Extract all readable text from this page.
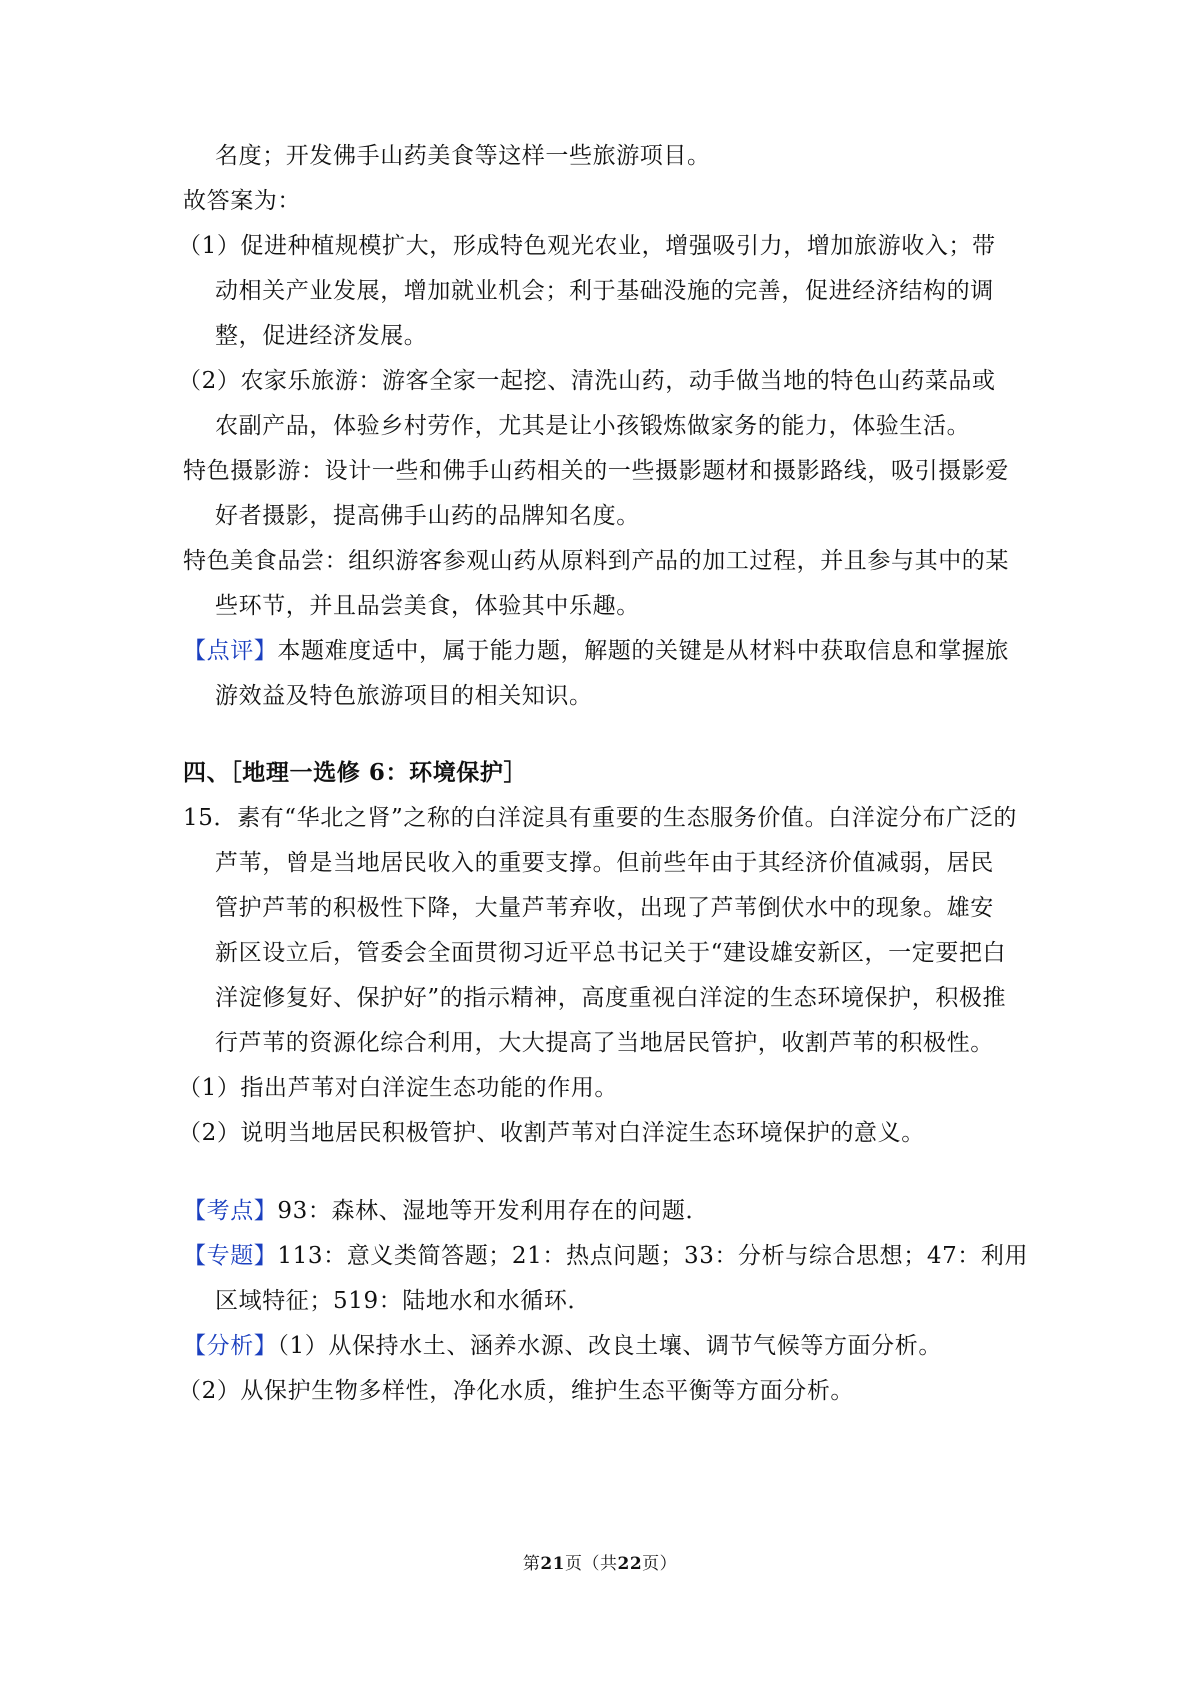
名度；开发佛手山药美食等这样一些旅游项目。
故答案为：
（1）促进种植规模扩大，形成特色观光农业，增强吸引力，增加旅游收入；带
动相关产业发展，增加就业机会；利于基础没施的完善，促进经济结构的调
整，促进经济发展。
（2）农家乐旅游：游客全家一起挖、清洗山药，动手做当地的特色山药菜品或
农副产品，体验乡村劳作，尤其是让小孩锻炼做家务的能力，体验生活。
特色摄影游：设计一些和佛手山药相关的一些摄影题材和摄影路线，吸引摄影爱
好者摄影，提高佛手山药的品牌知名度。
特色美食品尝：组织游客参观山药从原料到产品的加工过程，并且参与其中的某
些环节，并且品尝美食，体验其中乐趣。
【点评】本题难度适中，属于能力题，解题的关键是从材料中获取信息和掌握旅
游效益及特色旅游项目的相关知识。
四、［地理一选修 6：环境保护］
15．素有“华北之肾”之称的白洋淀具有重要的生态服务价值。白洋淀分布广泛的
芦苇，曾是当地居民收入的重要支撑。但前些年由于其经济价值减弱，居民
管护芦苇的积极性下降，大量芦苇弃收，出现了芦苇倒伏水中的现象。雄安
新区设立后，管委会全面贯彻习近平总书记关于“建设雄安新区，一定要把白
洋淀修复好、保护好”的指示精神，高度重视白洋淀的生态环境保护，积极推
行芦苇的资源化综合利用，大大提高了当地居民管护，收割芦苇的积极性。
（1）指出芦苇对白洋淀生态功能的作用。
（2）说明当地居民积极管护、收割芦苇对白洋淀生态环境保护的意义。
【考点】93：森林、湿地等开发利用存在的问题．
【专题】113：意义类简答题；21：热点问题；33：分析与综合思想；47：利用
区域特征；519：陆地水和水循环．
【分析】（1）从保持水土、涵养水源、改良土壤、调节气候等方面分析。
（2）从保护生物多样性，净化水质，维护生态平衡等方面分析。
第21页（共22页）
